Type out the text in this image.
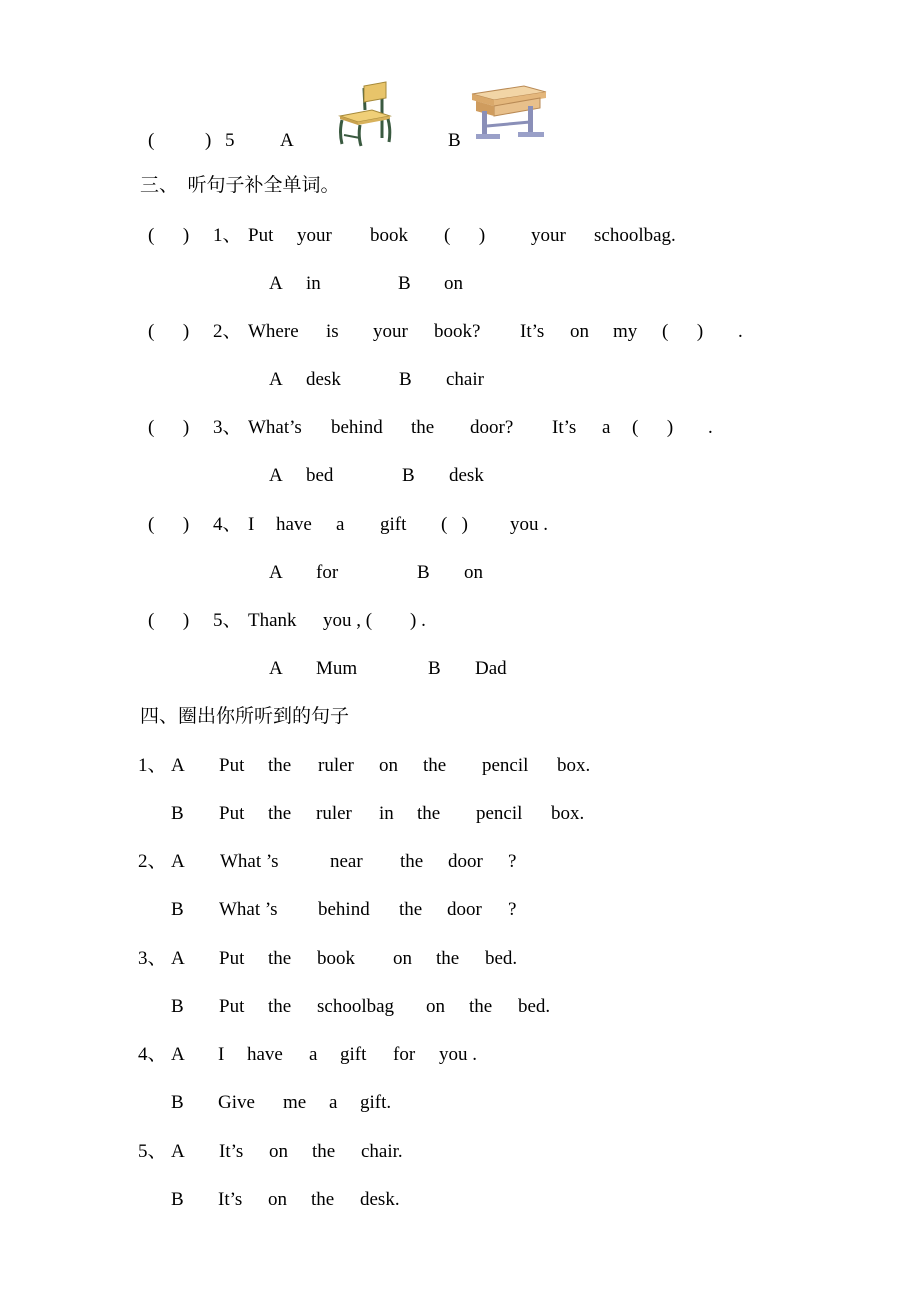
(	) 5 A	B
三、  听句子补全单词。
(      ) 1、 Put your book (      ) your schoolbag.
A in	B on
(      ) 2、 Where is your book? It’s on my (      ) .
A desk	B chair
(      ) 3、 What’s behind the door? It’s a (      ) .
A bed	B desk
(      ) 4、 I have a gift (   ) you .
A for	B on
(      ) 5、 Thank you , ( ) .
A Mum	B Dad
四、圈出你所听到的句子
1、 A Put the ruler on the pencil box.
B Put the ruler in the pencil box.
2、 A What ’s	near the door ?
B What ’s behind the door ?
3、 A Put the book on the bed.
B Put the schoolbag on the bed.
4、 A I have a gift for you .
B Give me a gift.
5、 A It’s on the chair.
B It’s on the desk.
